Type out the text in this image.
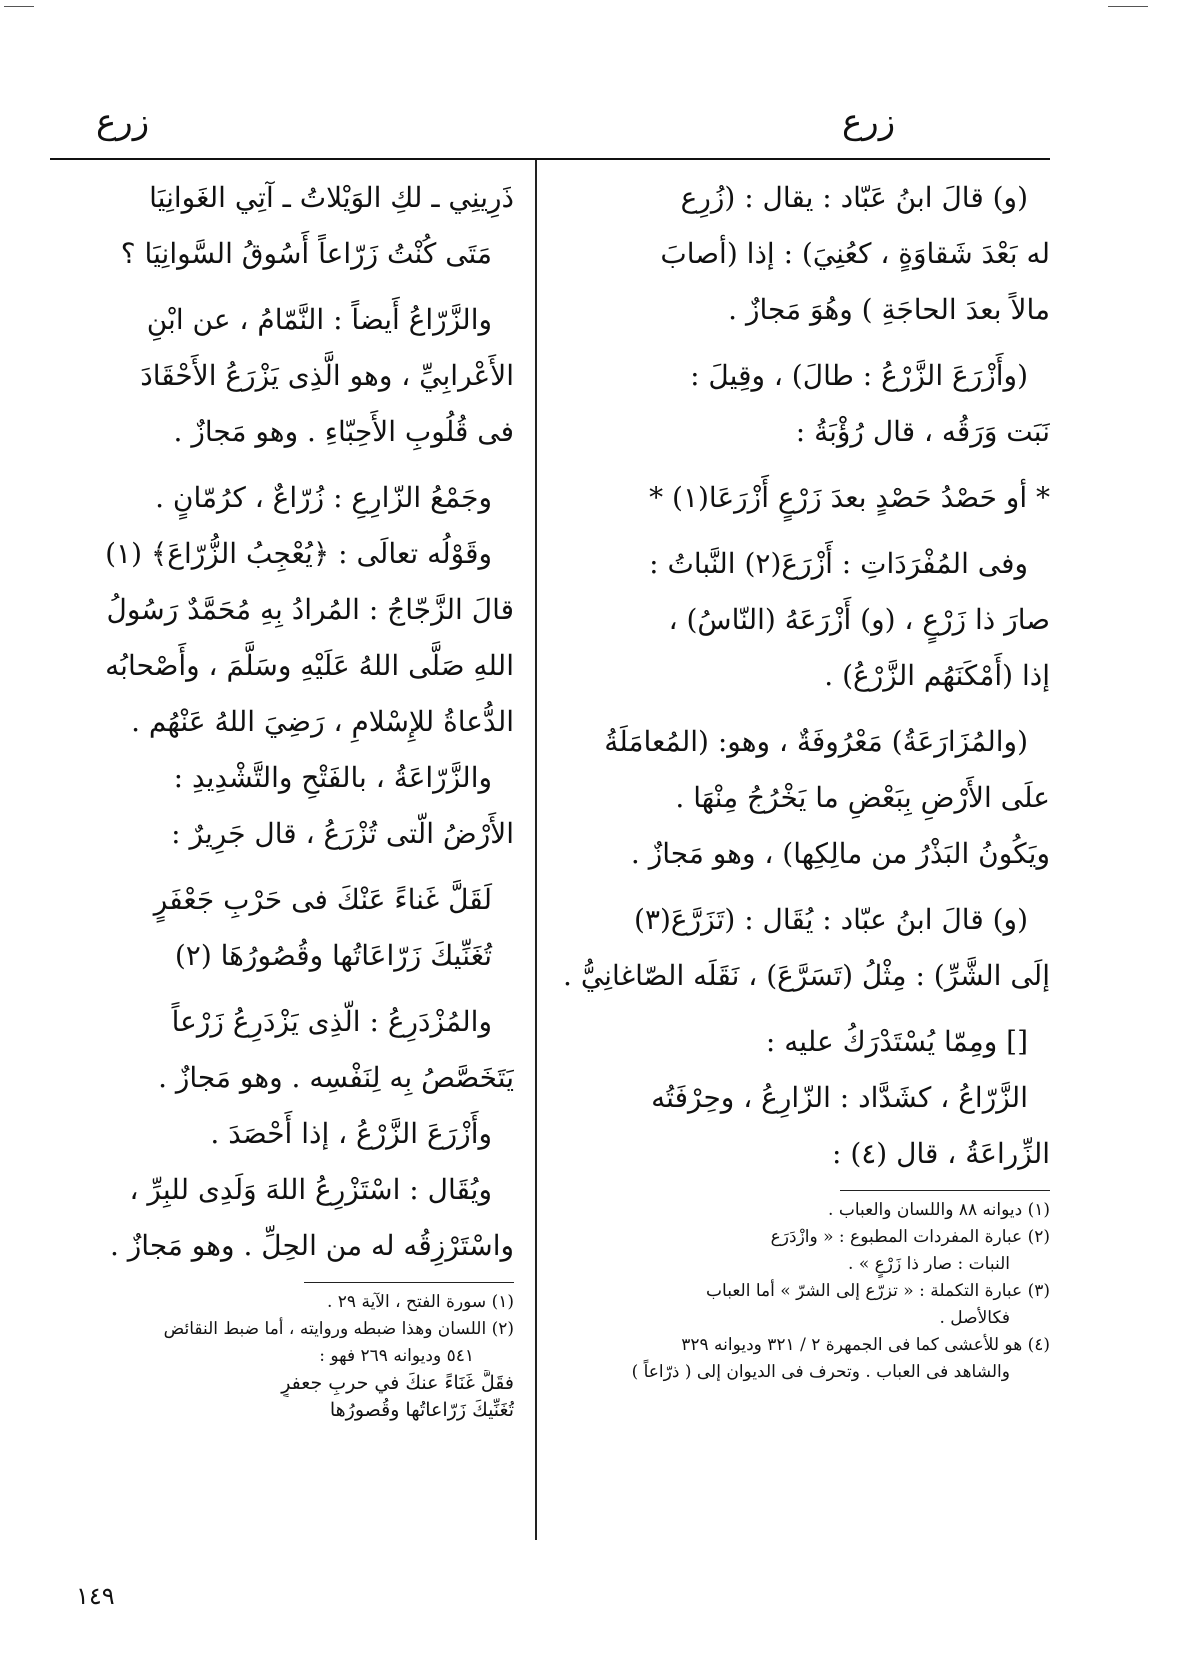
زرع
زرع

(و) قالَ ابنُ عَبّاد : يقال : (زُرِع

له بَعْدَ شَقاوَةٍ ، كعُنِيَ) : إذا (أصابَ

مالاً بعدَ الحاجَةِ ) وهُوَ مَجازٌ .

(وأَزْرَعَ الزَّرْعُ : طالَ) ، وقِيلَ :

نَبَت وَرَقُه ، قال رُؤْبَةُ :

* أو حَصْدُ حَصْدٍ بعدَ زَرْعٍ أَزْرَعَا(١) *

وفى المُفْرَدَاتِ : أَزْرَعَ(٢) النَّباتُ :

صارَ ذا زَرْعٍ ، (و) أَزْرَعَهُ (النّاسُ) ،

إذا (أَمْكَنَهُم الزَّرْعُ) .

(والمُزَارَعَةُ) مَعْرُوفَةٌ ، وهو: (المُعامَلَةُ

علَى الأَرْضِ بِبَعْضِ ما يَخْرُجُ مِنْهَا .

ويَكُونُ البَذْرُ من مالِكِها) ، وهو مَجازٌ .

(و) قالَ ابنُ عبّاد : يُقَال : (تَزَرَّعَ(٣)

إلَى الشَّرِّ) : مِثْلُ (تَسَرَّعَ) ، نَقَلَه الصّاغانِيُّ .

[] ومِمّا يُسْتَدْرَكُ عليه :

الزَّرّاعُ ، كشَدَّاد : الزّارِعُ ، وحِرْفَتُه

الزِّراعَةُ ، قال (٤) :

(١) ديوانه ٨٨ واللسان والعباب .

(٢) عبارة المفردات المطبوع : « وازْدَرَع

النبات : صار ذا زَرْعٍ » .

(٣) عبارة التكملة : « تزرّع إلى الشرّ » أما العباب

فكالأصل .

(٤) هو للأعشى كما فى الجمهرة ٢ / ٣٢١ وديوانه ٣٢٩

والشاهد فى العباب . وتحرف فى الديوان إلى ( ذرّاعاً )

ذَرِينِي ـ لكِ الوَيْلاتُ ـ آتِي الغَوانِيَا

مَتَى كُنْتُ زَرّاعاً أَسُوقُ السَّوانِيَا ؟

والزَّرّاعُ أَيضاً : النَّمّامُ ، عن ابْنِ

الأَعْرابِيِّ ، وهو الَّذِى يَزْرَعُ الأَحْقَادَ

فى قُلُوبِ الأَحِبّاءِ . وهو مَجازٌ .

وجَمْعُ الزّارِعِ : زُرّاعٌ ، كرُمّانٍ .

وقَوْلُه تعالَى : ﴿يُعْجِبُ الزُّرّاعَ﴾ (١)

قالَ الزَّجّاجُ : المُرادُ بِهِ مُحَمَّدٌ رَسُولُ

اللهِ صَلَّى اللهُ عَلَيْهِ وسَلَّمَ ، وأَصْحابُه

الدُّعاةُ للإِسْلامِ ، رَضِيَ اللهُ عَنْهُم .

والزَّرّاعَةُ ، بالفَتْحِ والتَّشْدِيدِ :

الأَرْضُ الّتى تُزْرَعُ ، قال جَرِيرٌ :

لَقَلَّ غَناءً عَنْكَ فى حَرْبِ جَعْفَرٍ

تُغَنِّيكَ زَرّاعَاتُها وقُصُورُهَا (٢)

والمُزْدَرِعُ : الّذِى يَزْدَرِعُ زَرْعاً

يَتَخَصَّصُ بِه لِنَفْسِه . وهو مَجازٌ .

وأَزْرَعَ الزَّرْعُ ، إذا أَحْصَدَ .

ويُقَال : اسْتَزْرِعُ اللهَ وَلَدِى للبِرِّ ،

واسْتَرْزِقُه له من الحِلِّ . وهو مَجازٌ .

(١) سورة الفتح ، الآية ٢٩ .

(٢) اللسان وهذا ضبطه وروايته ، أما ضبط النقائض

٥٤١ وديوانه ٢٦٩ فهو :

فقَلَّ غَنَاءً عنكَ في حربِ جعفرٍ

تُغَنِّيكَ زَرّاعاتُها وقُصورُها

١٤٩
